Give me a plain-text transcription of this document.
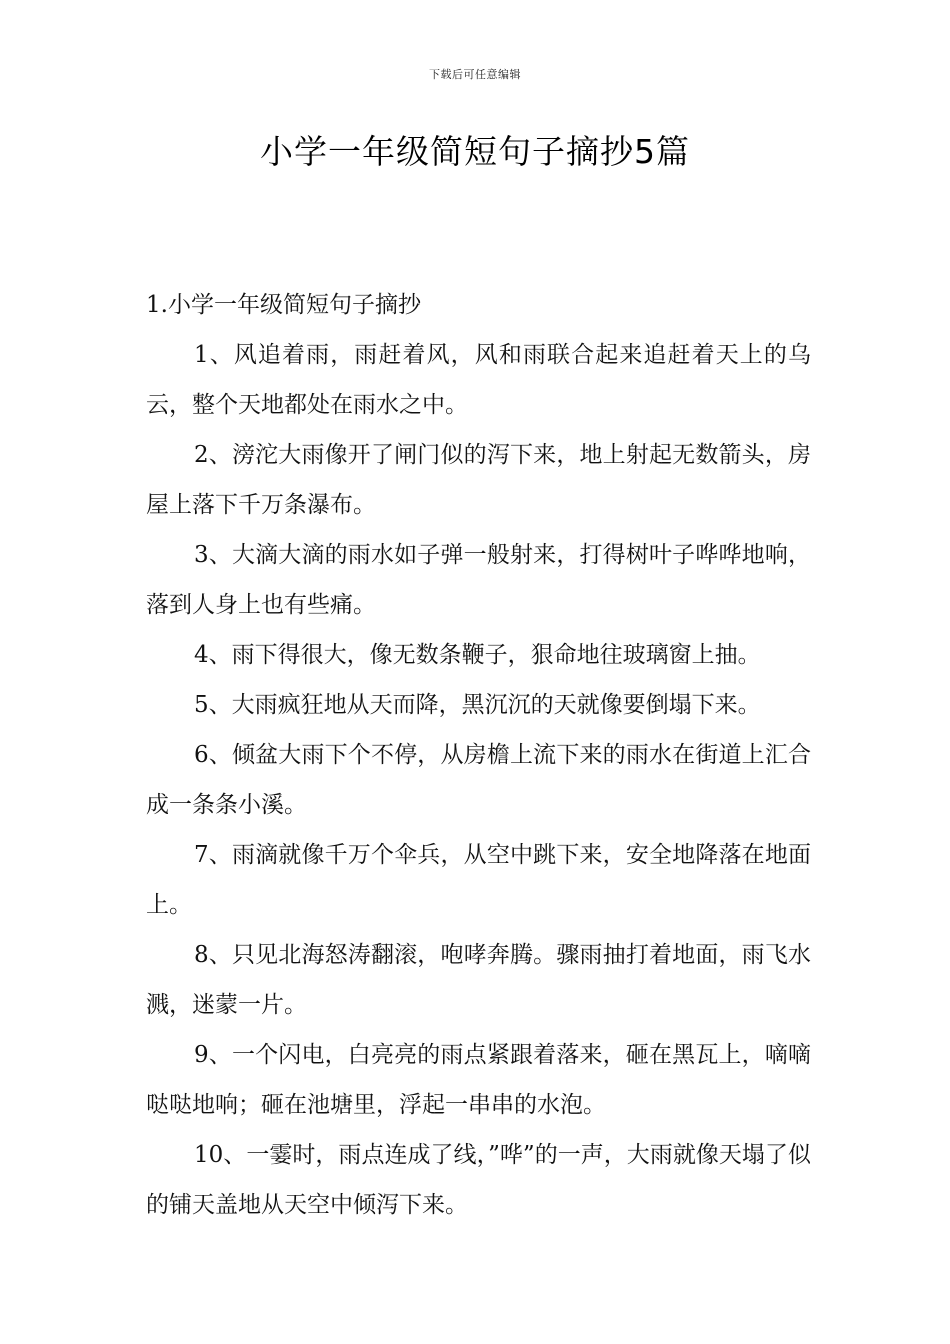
下载后可任意编辑
小学一年级简短句子摘抄5篇

1.小学一年级简短句子摘抄

1、风追着雨，雨赶着风，风和雨联合起来追赶着天上的乌云，整个天地都处在雨水之中。

2、滂沱大雨像开了闸门似的泻下来，地上射起无数箭头，房屋上落下千万条瀑布。

3、大滴大滴的雨水如子弹一般射来，打得树叶子哗哗地响，落到人身上也有些痛。

4、雨下得很大，像无数条鞭子，狠命地往玻璃窗上抽。

5、大雨疯狂地从天而降，黑沉沉的天就像要倒塌下来。

6、倾盆大雨下个不停，从房檐上流下来的雨水在街道上汇合成一条条小溪。

7、雨滴就像千万个伞兵，从空中跳下来，安全地降落在地面上。

8、只见北海怒涛翻滚，咆哮奔腾。骤雨抽打着地面，雨飞水溅，迷蒙一片。

9、一个闪电，白亮亮的雨点紧跟着落来，砸在黑瓦上，嘀嘀哒哒地响；砸在池塘里，浮起一串串的水泡。

10、一霎时，雨点连成了线，”哗”的一声，大雨就像天塌了似的铺天盖地从天空中倾泻下来。
